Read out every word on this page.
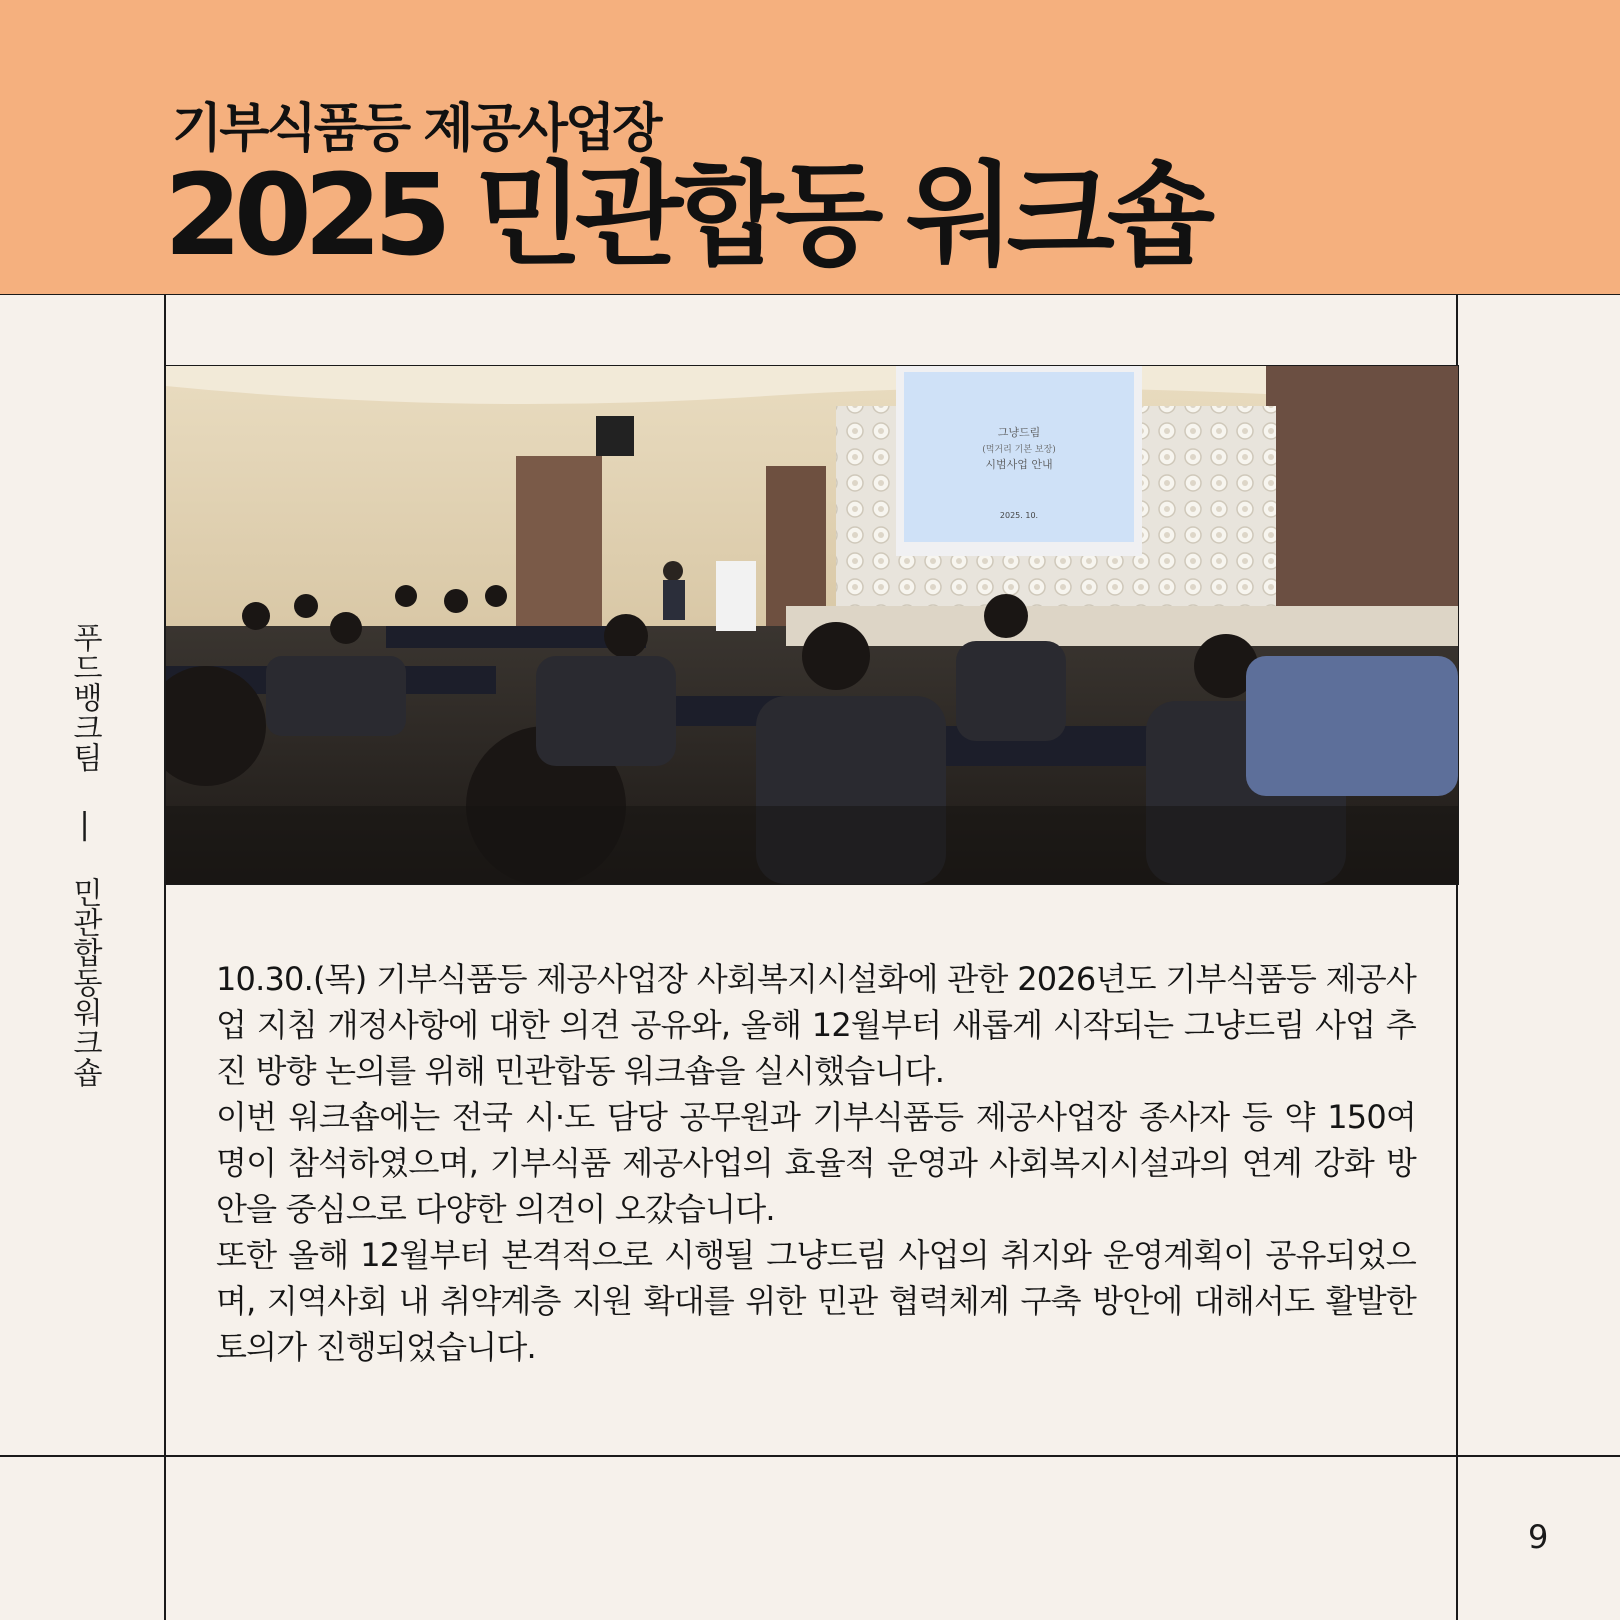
기부식품등 제공사업장
2025 민관합동 워크숍
푸드뱅크팀 | 민관합동워크숍
그냥드림
(먹거리 기본 보장)
시범사업 안내
2025. 10.

10.30.(목) 기부식품등 제공사업장 사회복지시설화에 관한 2026년도 기부식품등 제공사업 지침 개정사항에 대한 의견 공유와, 올해 12월부터 새롭게 시작되는 그냥드림 사업 추진 방향 논의를 위해 민관합동 워크숍을 실시했습니다.

이번 워크숍에는 전국 시·도 담당 공무원과 기부식품등 제공사업장 종사자 등 약 150여 명이 참석하였으며, 기부식품 제공사업의 효율적 운영과 사회복지시설과의 연계 강화 방안을 중심으로 다양한 의견이 오갔습니다.

또한 올해 12월부터 본격적으로 시행될 그냥드림 사업의 취지와 운영계획이 공유되었으며, 지역사회 내 취약계층 지원 확대를 위한 민관 협력체계 구축 방안에 대해서도 활발한 토의가 진행되었습니다.

9
